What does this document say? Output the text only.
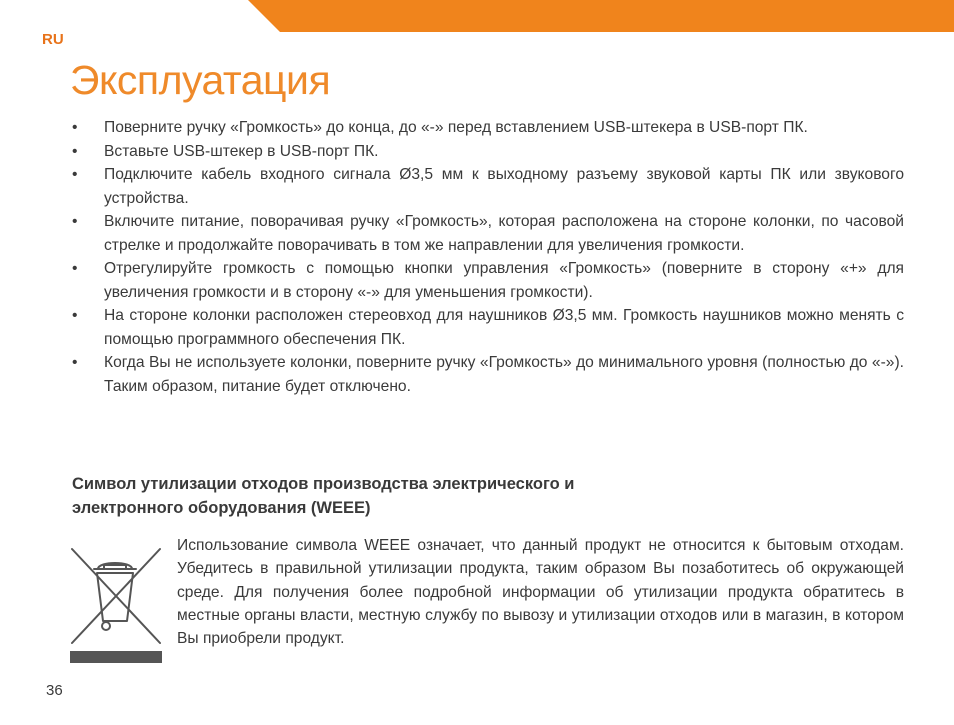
RU
Эксплуатация
• Поверните ручку «Громкость» до конца, до «-» перед вставлением USB-штекера в USB-порт ПК.
• Вставьте USB-штекер в USB-порт ПК.
• Подключите кабель входного сигнала Ø3,5 мм к выходному разъему звуковой карты ПК или звукового устройства.
• Включите питание, поворачивая ручку «Громкость», которая расположена на стороне колонки, по часовой стрелке и продолжайте поворачивать в том же направлении для увеличения громкости.
• Отрегулируйте громкость с помощью кнопки управления «Громкость» (поверните в сторону «+» для увеличения громкости и в сторону «-» для уменьшения громкости).
• На стороне колонки расположен стереовход для наушников Ø3,5 мм. Громкость наушников можно менять с помощью программного обеспечения ПК.
• Когда Вы не используете колонки, поверните ручку «Громкость» до минимального уровня (полностью до «-»). Таким образом, питание будет отключено.
Символ утилизации отходов производства электрического и
электронного оборудования (WEEE)

Использование символа WEEE означает, что данный продукт не относится к бытовым отходам. Убедитесь в правильной утилизации продукта, таким образом Вы позаботитесь об окружающей среде. Для получения более подробной информации об утилизации продукта обратитесь в местные органы власти, местную службу по вывозу и утилизации отходов или в магазин, в котором Вы приобрели продукт.

36
